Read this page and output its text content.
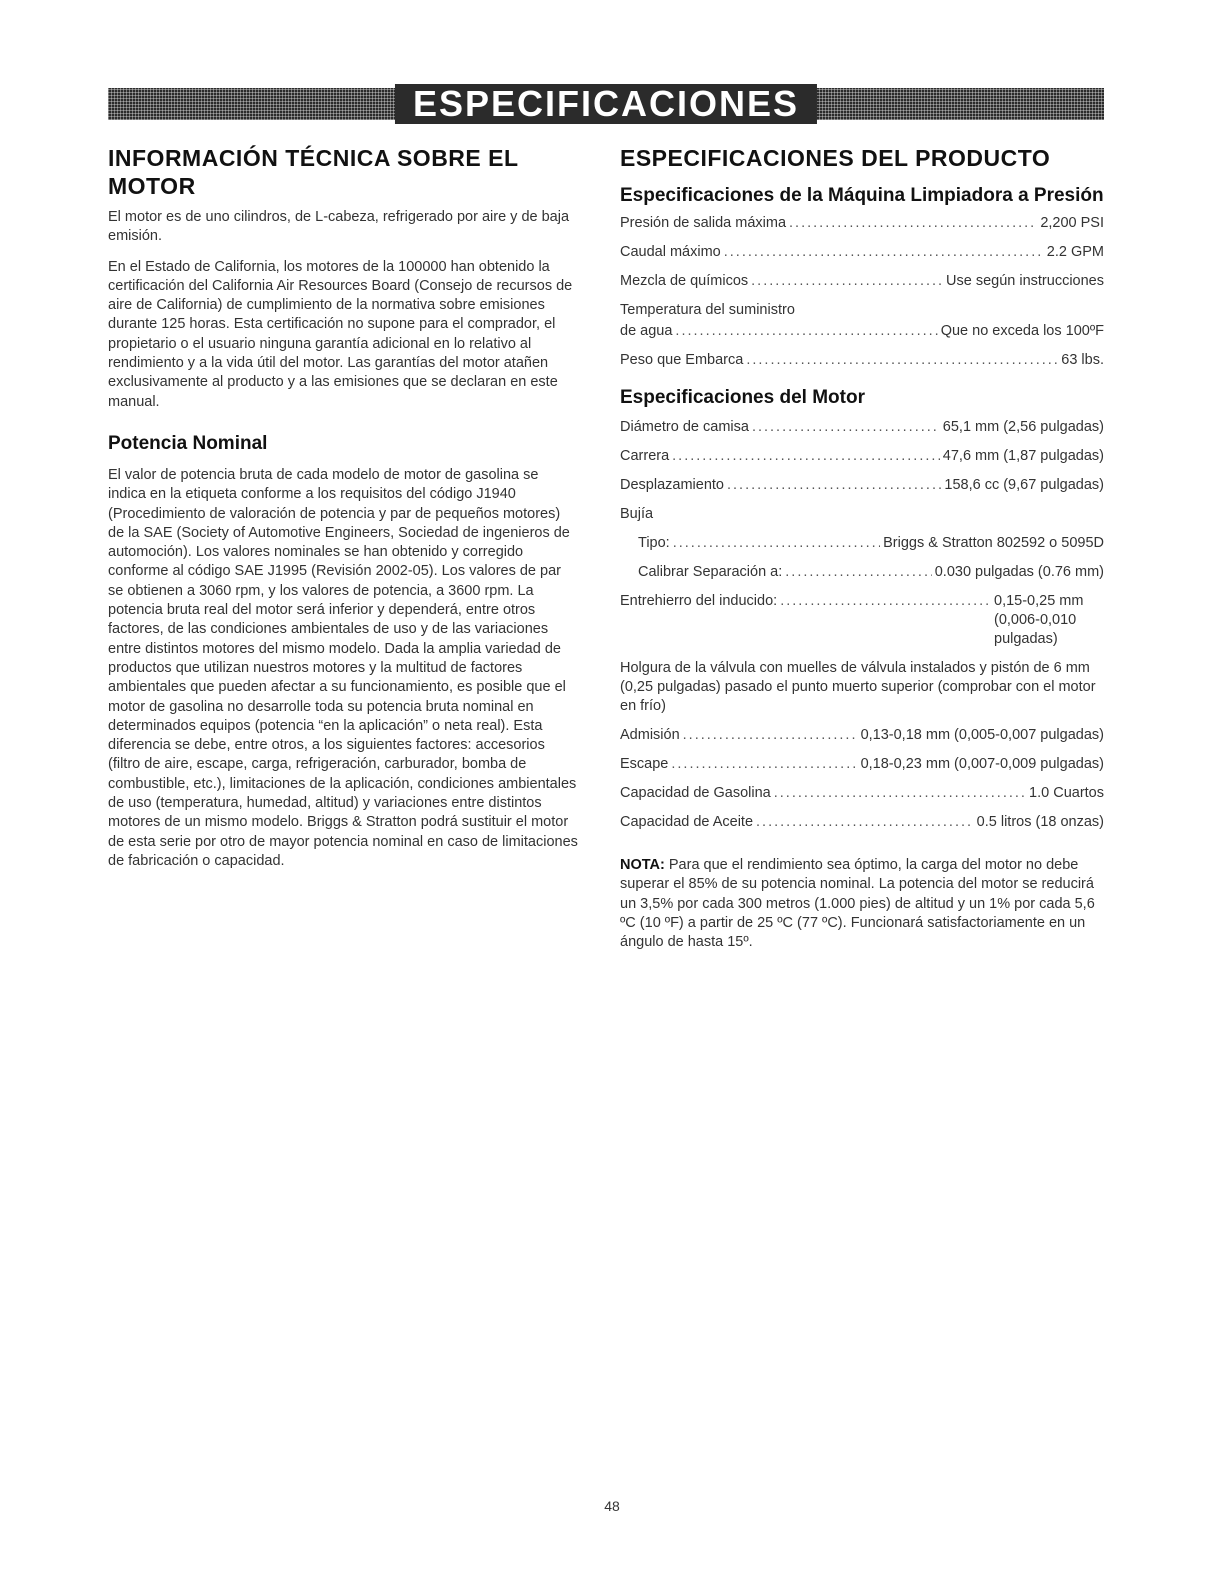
ESPECIFICACIONES
INFORMACIÓN TÉCNICA SOBRE EL MOTOR

El motor es de uno cilindros, de L-cabeza, refrigerado por aire y de baja emisión.

En el Estado de California, los motores de la 100000 han obtenido la certificación del California Air Resources Board (Consejo de recursos de aire de California) de cumplimiento de la normativa sobre emisiones durante 125 horas. Esta certificación no supone para el comprador, el propietario o el usuario ninguna garantía adicional en lo relativo al rendimiento y a la vida útil del motor. Las garantías del motor atañen exclusivamente al producto y a las emisiones que se declaran en este manual.

Potencia Nominal

El valor de potencia bruta de cada modelo de motor de gasolina se indica en la etiqueta conforme a los requisitos del código J1940 (Procedimiento de valoración de potencia y par de pequeños motores) de la SAE (Society of Automotive Engineers, Sociedad de ingenieros de automoción). Los valores nominales se han obtenido y corregido conforme al código SAE J1995 (Revisión 2002-05). Los valores de par se obtienen a 3060 rpm, y los valores de potencia, a 3600 rpm. La potencia bruta real del motor será inferior y dependerá, entre otros factores, de las condiciones ambientales de uso y de las variaciones entre distintos motores del mismo modelo. Dada la amplia variedad de productos que utilizan nuestros motores y la multitud de factores ambientales que pueden afectar a su funcionamiento, es posible que el motor de gasolina no desarrolle toda su potencia bruta nominal en determinados equipos (potencia “en la aplicación” o neta real). Esta diferencia se debe, entre otros, a los siguientes factores: accesorios (filtro de aire, escape, carga, refrigeración, carburador, bomba de combustible, etc.), limitaciones de la aplicación, condiciones ambientales de uso (temperatura, humedad, altitud) y variaciones entre distintos motores de un mismo modelo. Briggs & Stratton podrá sustituir el motor de esta serie por otro de mayor potencia nominal en caso de limitaciones de fabricación o capacidad.

ESPECIFICACIONES DEL PRODUCTO
Especificaciones de la Máquina Limpiadora a Presión
Presión de salida máxima .....	2,200 PSI
Caudal máximo .....	2.2 GPM
Mezcla de químicos .....	Use según instrucciones
Temperatura del suministro
de agua .....	Que no exceda los 100ºF
Peso que Embarca .....	63 lbs.
Especificaciones del Motor
Diámetro de camisa .....	65,1 mm (2,56 pulgadas)
Carrera .....	47,6 mm (1,87 pulgadas)
Desplazamiento .....	158,6 cc (9,67 pulgadas)
Bujía
Tipo: .....	Briggs & Stratton 802592 o 5095D
Calibrar Separación a: .....	0.030 pulgadas (0.76 mm)
Entrehierro del inducido: .....	0,15-0,25 mm (0,006-0,010 pulgadas)
Holgura de la válvula con muelles de válvula instalados y pistón de 6 mm (0,25 pulgadas) pasado el punto muerto superior (comprobar con el motor en frío)
Admisión .....	0,13-0,18 mm (0,005-0,007 pulgadas)
Escape .....	0,18-0,23 mm (0,007-0,009 pulgadas)
Capacidad de Gasolina .....	1.0 Cuartos
Capacidad de Aceite .....	0.5 litros (18 onzas)

NOTA: Para que el rendimiento sea óptimo, la carga del motor no debe superar el 85% de su potencia nominal. La potencia del motor se reducirá un 3,5% por cada 300 metros (1.000 pies) de altitud y un 1% por cada 5,6 ºC (10 ºF) a partir de 25 ºC (77 ºC). Funcionará satisfactoriamente en un ángulo de hasta 15º.

48
